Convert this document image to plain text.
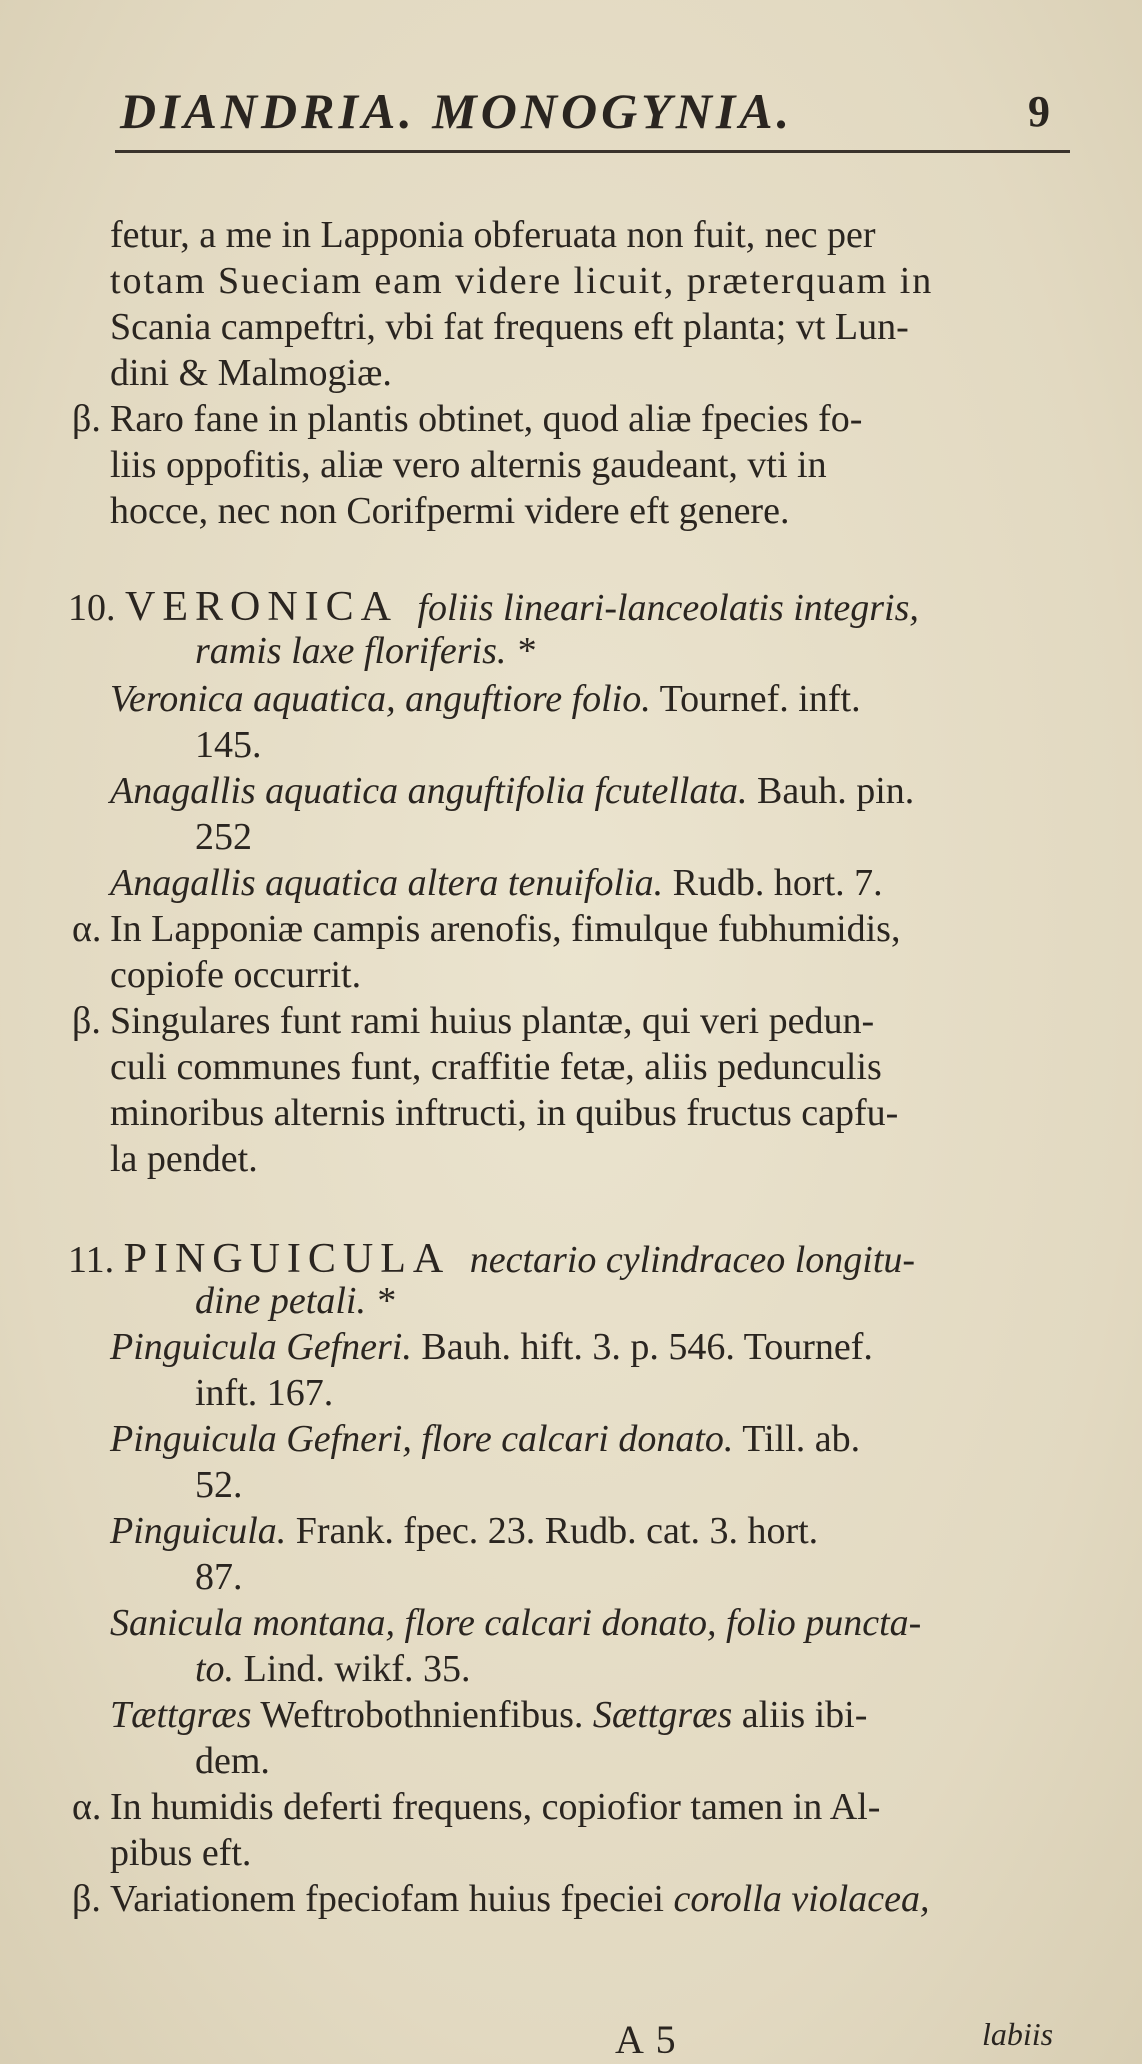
DIANDRIA. MONOGYNIA.	9
fetur, a me in Lapponia obferuata non fuit, nec per
totam Sueciam eam videre licuit, præterquam in
Scania campeftri, vbi fat frequens eft planta; vt Lun-
dini & Malmogiæ.
β. Raro fane in plantis obtinet, quod aliæ fpecies fo-
liis oppofitis, aliæ vero alternis gaudeant, vti in
hocce, nec non Corifpermi videre eft genere.
10. VERONICA foliis lineari-lanceolatis integris,
ramis laxe floriferis. *
Veronica aquatica, anguftiore folio. Tournef. inft.
145.
Anagallis aquatica anguftifolia fcutellata. Bauh. pin.
252
Anagallis aquatica altera tenuifolia. Rudb. hort. 7.
α. In Lapponiæ campis arenofis, fimulque fubhumidis,
copiofe occurrit.
β. Singulares funt rami huius plantæ, qui veri pedun-
culi communes funt, craffitie fetæ, aliis pedunculis
minoribus alternis inftructi, in quibus fructus capfu-
la pendet.
11. PINGUICULA nectario cylindraceo longitu-
dine petali. *
Pinguicula Gefneri. Bauh. hift. 3. p. 546. Tournef.
inft. 167.
Pinguicula Gefneri, flore calcari donato. Till. ab.
52.
Pinguicula. Frank. fpec. 23. Rudb. cat. 3. hort.
87.
Sanicula montana, flore calcari donato, folio puncta-
to. Lind. wikf. 35.
Tættgræs Weftrobothnienfibus. Sættgræs aliis ibi-
dem.
α. In humidis deferti frequens, copiofior tamen in Al-
pibus eft.
β. Variationem fpeciofam huius fpeciei corolla violacea,
A 5	labiis
